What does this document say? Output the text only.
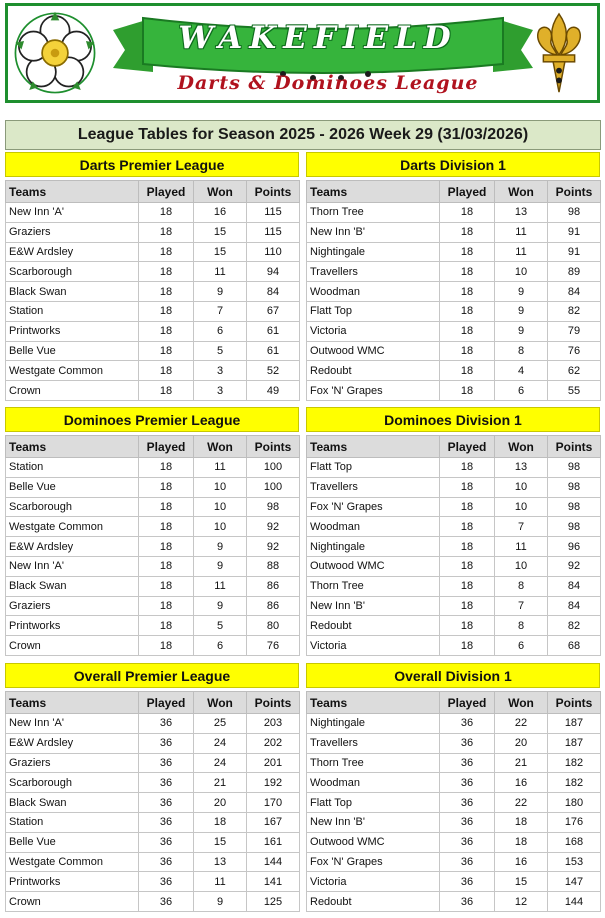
WAKEFIELD
Darts & Dominoes League
League Tables for Season 2025 - 2026 Week 29 (31/03/2026)
Darts Premier League
Teams	Played	Won	Points
New Inn 'A'	18	16	115
Graziers	18	15	115
E&W Ardsley	18	15	110
Scarborough	18	11	94
Black Swan	18	9	84
Station	18	7	67
Printworks	18	6	61
Belle Vue	18	5	61
Westgate Common	18	3	52
Crown	18	3	49
Darts Division 1
Teams	Played	Won	Points
Thorn Tree	18	13	98
New Inn 'B'	18	11	91
Nightingale	18	11	91
Travellers	18	10	89
Woodman	18	9	84
Flatt Top	18	9	82
Victoria	18	9	79
Outwood WMC	18	8	76
Redoubt	18	4	62
Fox 'N' Grapes	18	6	55
Dominoes Premier League
Teams	Played	Won	Points
Station	18	11	100
Belle Vue	18	10	100
Scarborough	18	10	98
Westgate Common	18	10	92
E&W Ardsley	18	9	92
New Inn 'A'	18	9	88
Black Swan	18	11	86
Graziers	18	9	86
Printworks	18	5	80
Crown	18	6	76
Dominoes Division 1
Teams	Played	Won	Points
Flatt Top	18	13	98
Travellers	18	10	98
Fox 'N' Grapes	18	10	98
Woodman	18	7	98
Nightingale	18	11	96
Outwood WMC	18	10	92
Thorn Tree	18	8	84
New Inn 'B'	18	7	84
Redoubt	18	8	82
Victoria	18	6	68
Overall Premier League
Teams	Played	Won	Points
New Inn 'A'	36	25	203
E&W Ardsley	36	24	202
Graziers	36	24	201
Scarborough	36	21	192
Black Swan	36	20	170
Station	36	18	167
Belle Vue	36	15	161
Westgate Common	36	13	144
Printworks	36	11	141
Crown	36	9	125
Overall Division 1
Teams	Played	Won	Points
Nightingale	36	22	187
Travellers	36	20	187
Thorn Tree	36	21	182
Woodman	36	16	182
Flatt Top	36	22	180
New Inn 'B'	36	18	176
Outwood WMC	36	18	168
Fox 'N' Grapes	36	16	153
Victoria	36	15	147
Redoubt	36	12	144
